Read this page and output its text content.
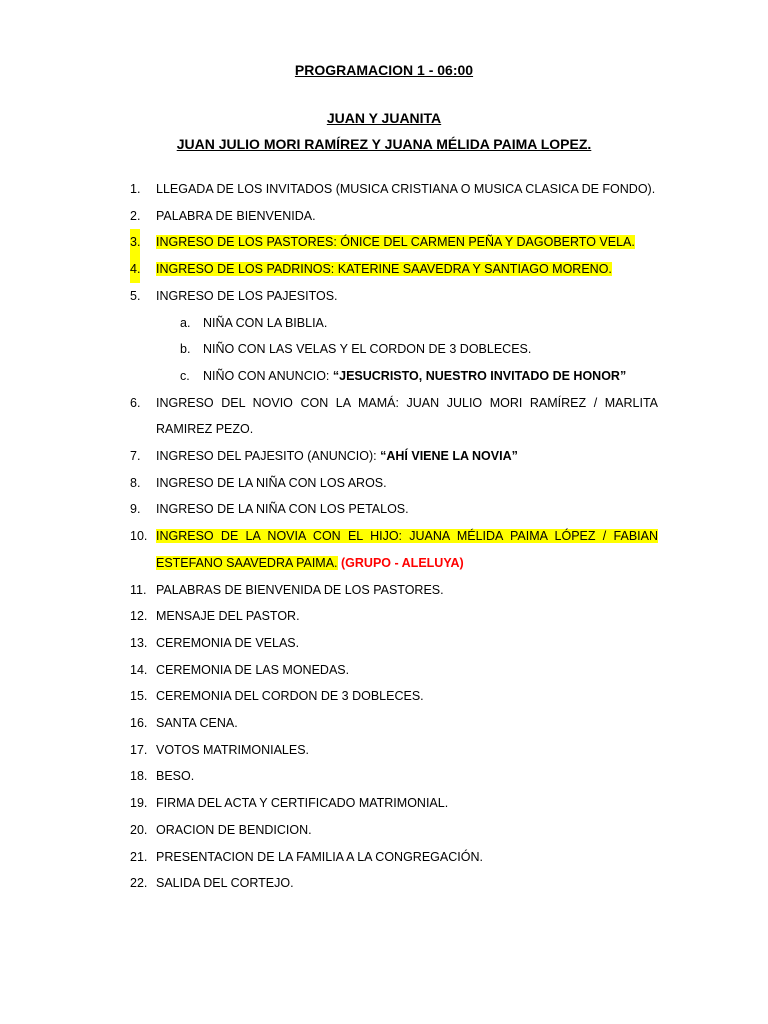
PROGRAMACION 1 - 06:00
JUAN Y JUANITA
JUAN JULIO MORI RAMÍREZ Y JUANA MÉLIDA PAIMA LOPEZ.
1. LLEGADA DE LOS INVITADOS (MUSICA CRISTIANA O MUSICA CLASICA DE FONDO).
2. PALABRA DE BIENVENIDA.
3. INGRESO DE LOS PASTORES: ÓNICE DEL CARMEN PEÑA Y DAGOBERTO VELA.
4. INGRESO DE LOS PADRINOS: KATERINE SAAVEDRA Y SANTIAGO MORENO.
5. INGRESO DE LOS PAJESITOS.
a. NIÑA CON LA BIBLIA.
b. NIÑO CON LAS VELAS Y EL CORDON DE 3 DOBLECES.
c. NIÑO CON ANUNCIO: “JESUCRISTO, NUESTRO INVITADO DE HONOR”
6. INGRESO DEL NOVIO CON LA MAMÁ: JUAN JULIO MORI RAMÍREZ / MARLITA RAMIREZ PEZO.
7. INGRESO DEL PAJESITO (ANUNCIO): “AHÍ VIENE LA NOVIA”
8. INGRESO DE LA NIÑA CON LOS AROS.
9. INGRESO DE LA NIÑA CON LOS PETALOS.
10. INGRESO DE LA NOVIA CON EL HIJO: JUANA MÉLIDA PAIMA LÓPEZ / FABIAN ESTEFANO SAAVEDRA PAIMA. (GRUPO - ALELUYA)
11. PALABRAS DE BIENVENIDA DE LOS PASTORES.
12. MENSAJE DEL PASTOR.
13. CEREMONIA DE VELAS.
14. CEREMONIA DE LAS MONEDAS.
15. CEREMONIA DEL CORDON DE 3 DOBLECES.
16. SANTA CENA.
17. VOTOS MATRIMONIALES.
18. BESO.
19. FIRMA DEL ACTA Y CERTIFICADO MATRIMONIAL.
20. ORACION DE BENDICION.
21. PRESENTACION DE LA FAMILIA A LA CONGREGACIÓN.
22. SALIDA DEL CORTEJO.
